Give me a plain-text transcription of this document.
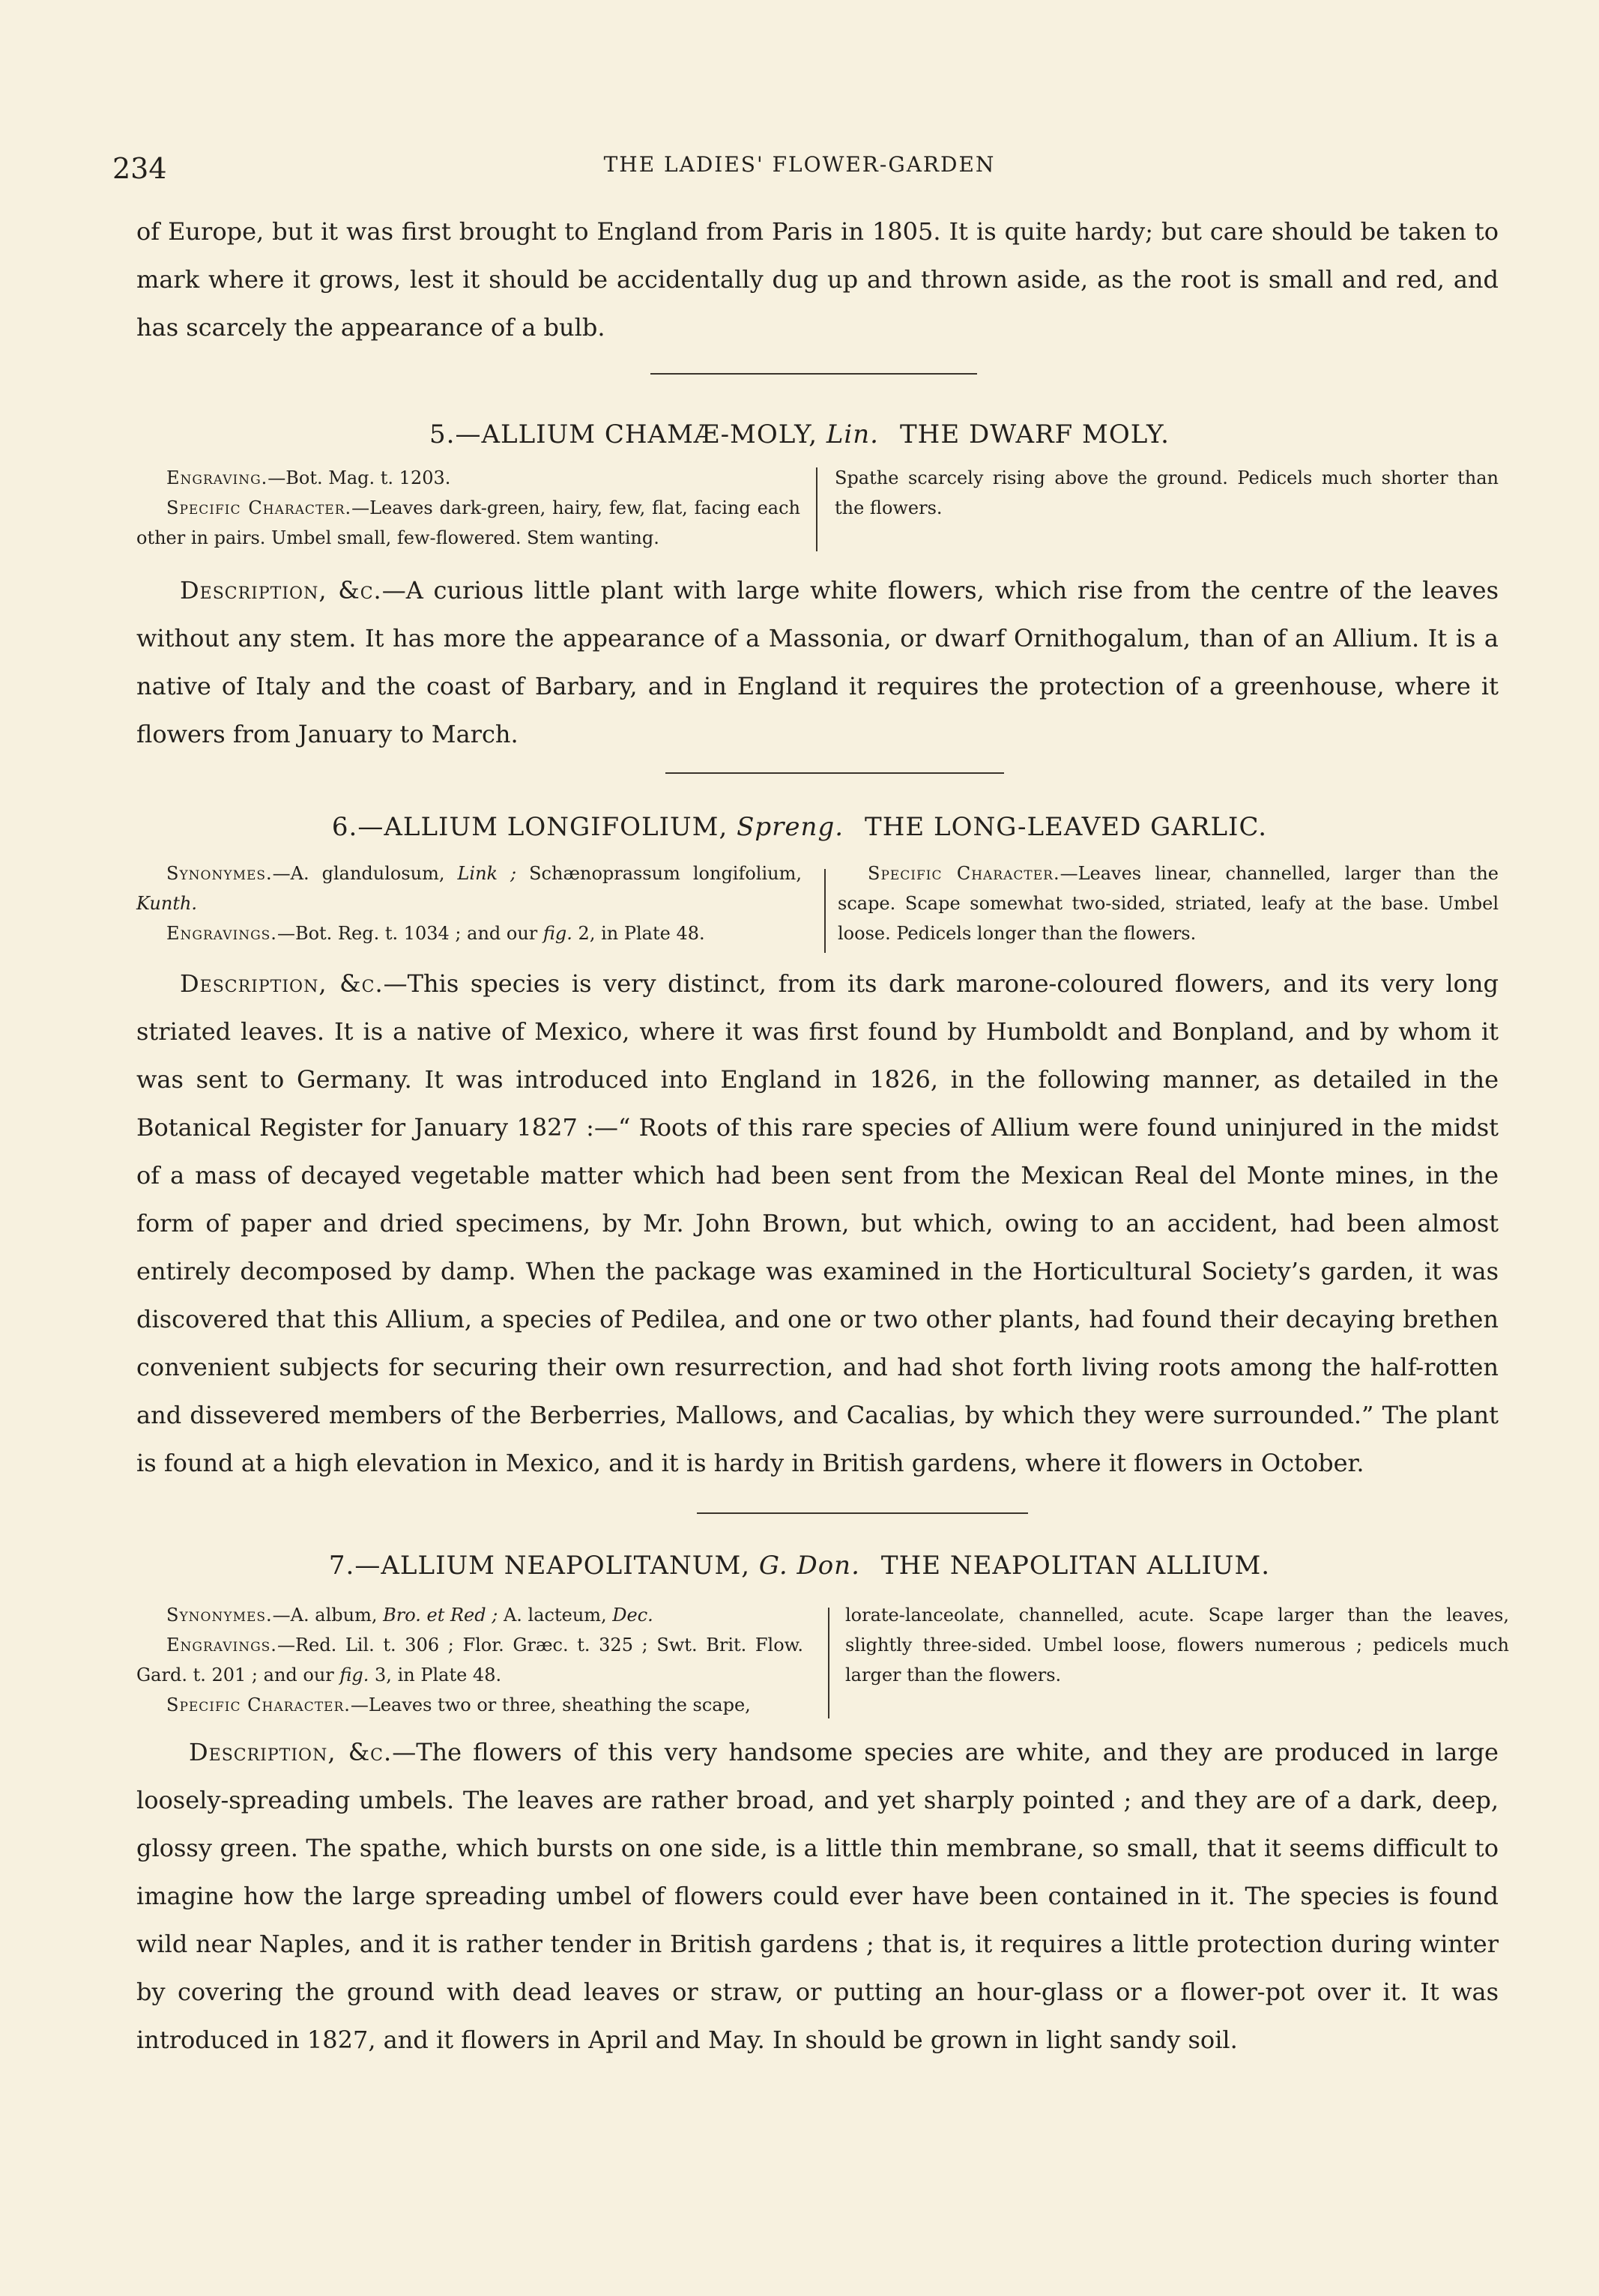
234	THE LADIES' FLOWER-GARDEN

of Europe, but it was first brought to England from Paris in 1805. It is quite hardy; but care should be taken to mark where it grows, lest it should be accidentally dug up and thrown aside, as the root is small and red, and has scarcely the appearance of a bulb.

5.—ALLIUM CHAMÆ-MOLY, Lin. THE DWARF MOLY.

Engraving.—Bot. Mag. t. 1203.

Specific Character.—Leaves dark-green, hairy, few, flat, facing each other in pairs. Umbel small, few-flowered. Stem wanting.

Spathe scarcely rising above the ground. Pedicels much shorter than the flowers.

Description, &c.—A curious little plant with large white flowers, which rise from the centre of the leaves without any stem. It has more the appearance of a Massonia, or dwarf Ornithogalum, than of an Allium. It is a native of Italy and the coast of Barbary, and in England it requires the protection of a greenhouse, where it flowers from January to March.

6.—ALLIUM LONGIFOLIUM, Spreng. THE LONG-LEAVED GARLIC.

Synonymes.—A. glandulosum, Link ; Schænoprassum longifolium, Kunth.

Engravings.—Bot. Reg. t. 1034 ; and our fig. 2, in Plate 48.

Specific Character.—Leaves linear, channelled, larger than the scape. Scape somewhat two-sided, striated, leafy at the base. Umbel loose. Pedicels longer than the flowers.

Description, &c.—This species is very distinct, from its dark marone-coloured flowers, and its very long striated leaves. It is a native of Mexico, where it was first found by Humboldt and Bonpland, and by whom it was sent to Germany. It was introduced into England in 1826, in the following manner, as detailed in the Botanical Register for January 1827 :—“ Roots of this rare species of Allium were found uninjured in the midst of a mass of decayed vegetable matter which had been sent from the Mexican Real del Monte mines, in the form of paper and dried specimens, by Mr. John Brown, but which, owing to an accident, had been almost entirely decomposed by damp. When the package was examined in the Horticultural Society’s garden, it was discovered that this Allium, a species of Pedilea, and one or two other plants, had found their decaying brethen convenient subjects for securing their own resurrection, and had shot forth living roots among the half-rotten and dissevered members of the Berberries, Mallows, and Cacalias, by which they were surrounded.” The plant is found at a high elevation in Mexico, and it is hardy in British gardens, where it flowers in October.

7.—ALLIUM NEAPOLITANUM, G. Don. THE NEAPOLITAN ALLIUM.

Synonymes.—A. album, Bro. et Red ; A. lacteum, Dec.

Engravings.—Red. Lil. t. 306 ; Flor. Græc. t. 325 ; Swt. Brit. Flow. Gard. t. 201 ; and our fig. 3, in Plate 48.

Specific Character.—Leaves two or three, sheathing the scape,

lorate-lanceolate, channelled, acute. Scape larger than the leaves, slightly three-sided. Umbel loose, flowers numerous ; pedicels much larger than the flowers.

Description, &c.—The flowers of this very handsome species are white, and they are produced in large loosely-spreading umbels. The leaves are rather broad, and yet sharply pointed ; and they are of a dark, deep, glossy green. The spathe, which bursts on one side, is a little thin membrane, so small, that it seems difficult to imagine how the large spreading umbel of flowers could ever have been contained in it. The species is found wild near Naples, and it is rather tender in British gardens ; that is, it requires a little protection during winter by covering the ground with dead leaves or straw, or putting an hour-glass or a flower-pot over it. It was introduced in 1827, and it flowers in April and May. In should be grown in light sandy soil.
